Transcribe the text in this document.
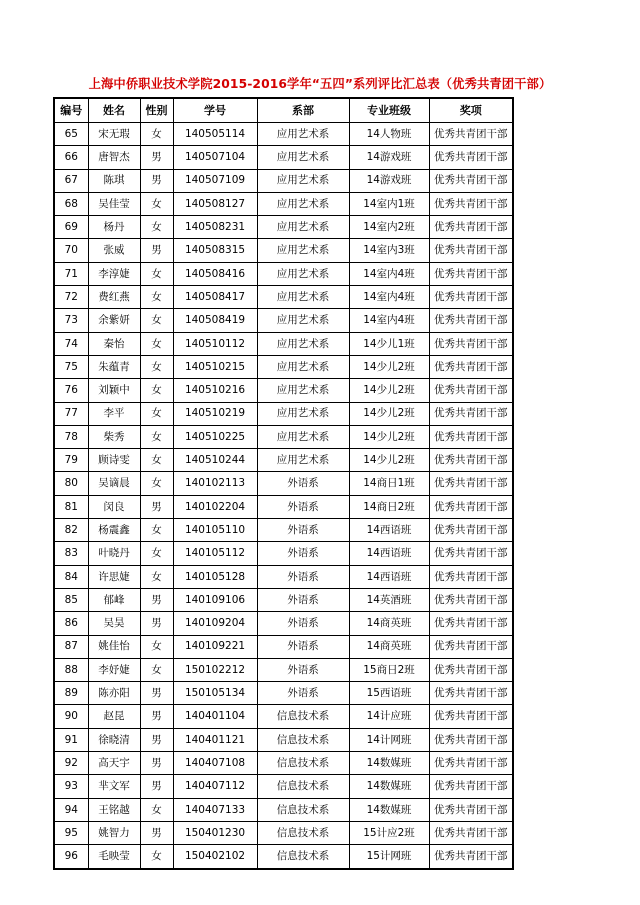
上海中侨职业技术学院2015-2016学年“五四”系列评比汇总表（优秀共青团干部）
编号	姓名	性别	学号	系部	专业班级	奖项
65	宋无瑕	女	140505114	应用艺术系	14人物班	优秀共青团干部
66	唐智杰	男	140507104	应用艺术系	14游戏班	优秀共青团干部
67	陈琪	男	140507109	应用艺术系	14游戏班	优秀共青团干部
68	吴佳莹	女	140508127	应用艺术系	14室内1班	优秀共青团干部
69	杨丹	女	140508231	应用艺术系	14室内2班	优秀共青团干部
70	张威	男	140508315	应用艺术系	14室内3班	优秀共青团干部
71	李淳婕	女	140508416	应用艺术系	14室内4班	优秀共青团干部
72	费红燕	女	140508417	应用艺术系	14室内4班	优秀共青团干部
73	余紫妍	女	140508419	应用艺术系	14室内4班	优秀共青团干部
74	秦怡	女	140510112	应用艺术系	14少儿1班	优秀共青团干部
75	朱蕴青	女	140510215	应用艺术系	14少儿2班	优秀共青团干部
76	刘颖中	女	140510216	应用艺术系	14少儿2班	优秀共青团干部
77	李平	女	140510219	应用艺术系	14少儿2班	优秀共青团干部
78	柴秀	女	140510225	应用艺术系	14少儿2班	优秀共青团干部
79	顾诗雯	女	140510244	应用艺术系	14少儿2班	优秀共青团干部
80	吴谪晨	女	140102113	外语系	14商日1班	优秀共青团干部
81	闵良	男	140102204	外语系	14商日2班	优秀共青团干部
82	杨震鑫	女	140105110	外语系	14西语班	优秀共青团干部
83	叶晓丹	女	140105112	外语系	14西语班	优秀共青团干部
84	许思婕	女	140105128	外语系	14西语班	优秀共青团干部
85	郁峰	男	140109106	外语系	14英酒班	优秀共青团干部
86	吴昊	男	140109204	外语系	14商英班	优秀共青团干部
87	姚佳怡	女	140109221	外语系	14商英班	优秀共青团干部
88	李妤婕	女	150102212	外语系	15商日2班	优秀共青团干部
89	陈亦阳	男	150105134	外语系	15西语班	优秀共青团干部
90	赵昆	男	140401104	信息技术系	14计应班	优秀共青团干部
91	徐晓清	男	140401121	信息技术系	14计网班	优秀共青团干部
92	高天宇	男	140407108	信息技术系	14数媒班	优秀共青团干部
93	芈文军	男	140407112	信息技术系	14数媒班	优秀共青团干部
94	王铭越	女	140407133	信息技术系	14数媒班	优秀共青团干部
95	姚智力	男	150401230	信息技术系	15计应2班	优秀共青团干部
96	毛映莹	女	150402102	信息技术系	15计网班	优秀共青团干部
